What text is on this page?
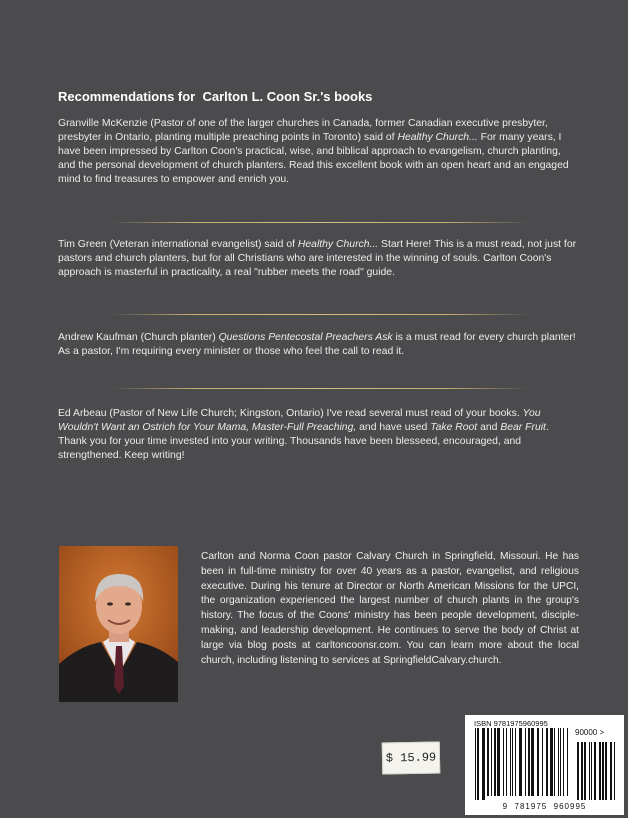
Recommendations for  Carlton L. Coon Sr.'s books
Granville McKenzie (Pastor of one of the larger churches in Canada, former Canadian executive presbyter, presbyter in Ontario, planting multiple preaching points in Toronto) said of Healthy Church... For many years, I have been impressed by Carlton Coon's practical, wise, and biblical approach to evangelism, church planting, and the personal development of church planters. Read this excellent book with an open heart and an engaged mind to find treasures to empower and enrich you.
Tim Green (Veteran international evangelist) said of Healthy Church... Start Here! This is a must read, not just for pastors and church planters, but for all Christians who are interested in the winning of souls. Carlton Coon's approach is masterful in practicality, a real "rubber meets the road" guide.
Andrew Kaufman (Church planter) Questions Pentecostal Preachers Ask is a must read for every church planter! As a pastor, I'm requiring every minister or those who feel the call to read it.
Ed Arbeau (Pastor of New Life Church; Kingston, Ontario) I've read several must read of your books. You Wouldn't Want an Ostrich for Your Mama, Master-Full Preaching, and have used Take Root and Bear Fruit. Thank you for your time invested into your writing. Thousands have been blesseed, encouraged, and strengthened. Keep writing!
Carlton and Norma Coon pastor Calvary Church in Springfield, Missouri. He has been in full-time ministry for over 40 years as a pastor, evangelist, and religious executive. During his tenure at Director or North American Missions for the UPCI, the organization experienced the largest number of church plants in the group's history. The focus of the Coons' ministry has been people development, disciple-making, and leadership development. He continues to serve the body of Christ at large via blog posts at carltoncoonsr.com. You can learn more about the local church, including listening to services at SpringfieldCalvary.church.
$ 15.99
ISBN 9781975960995
90000 >
9  781975  960995
